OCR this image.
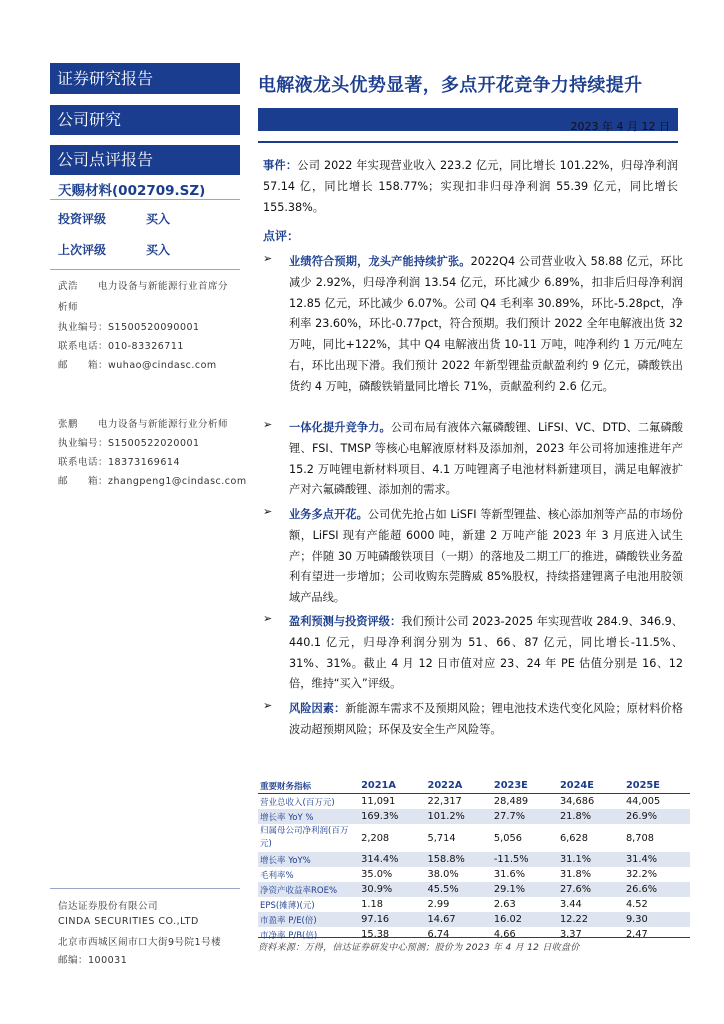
证券研究报告
公司研究
公司点评报告
天赐材料(002709.SZ)
投资评级	买入
上次评级	买入
武浩　　电力设备与新能源行业首席分
析师
执业编号：S1500520090001
联系电话：010-83326711
邮　　箱：wuhao@cindasc.com
张鹏　　电力设备与新能源行业分析师
执业编号：S1500522020001
联系电话：18373169614
邮　　箱：zhangpeng1@cindasc.com
信达证券股份有限公司
CINDA SECURITIES CO.,LTD
北京市西城区闹市口大街9号院1号楼
邮编：100031
电解液龙头优势显著，多点开花竞争力持续提升
2023 年 4 月 12 日
事件：公司 2022 年实现营业收入 223.2 亿元，同比增长 101.22%，归母净利润 57.14 亿，同比增长 158.77%；实现扣非归母净利润 55.39 亿元，同比增长 155.38%。
点评：
➢ 业绩符合预期，龙头产能持续扩张。2022Q4 公司营业收入 58.88 亿元，环比减少 2.92%，归母净利润 13.54 亿元，环比减少 6.89%，扣非后归母净利润 12.85 亿元，环比减少 6.07%。公司 Q4 毛利率 30.89%，环比-5.28pct，净利率 23.60%，环比-0.77pct，符合预期。我们预计 2022 全年电解液出货 32 万吨，同比+122%，其中 Q4 电解液出货 10-11 万吨，吨净利约 1 万元/吨左右，环比出现下滑。我们预计 2022 年新型锂盐贡献盈利约 9 亿元，磷酸铁出货约 4 万吨，磷酸铁销量同比增长 71%，贡献盈利约 2.6 亿元。
➢ 一体化提升竞争力。公司布局有液体六氟磷酸锂、LiFSI、VC、DTD、二氟磷酸锂、FSI、TMSP 等核心电解液原材料及添加剂，2023 年公司将加速推进年产 15.2 万吨锂电新材料项目、4.1 万吨锂离子电池材料新建项目，满足电解液扩产对六氟磷酸锂、添加剂的需求。
➢ 业务多点开花。公司优先抢占如 LiSFI 等新型锂盐、核心添加剂等产品的市场份额，LiFSI 现有产能超 6000 吨，新建 2 万吨产能 2023 年 3 月底进入试生产；伴随 30 万吨磷酸铁项目（一期）的落地及二期工厂的推进，磷酸铁业务盈利有望进一步增加；公司收购东莞腾威 85%股权，持续搭建锂离子电池用胶领域产品线。
➢ 盈利预测与投资评级：我们预计公司 2023-2025 年实现营收 284.9、346.9、440.1 亿元，归母净利润分别为 51、66、87 亿元，同比增长-11.5%、31%、31%。截止 4 月 12 日市值对应 23、24 年 PE 估值分别是 16、12 倍，维持“买入”评级。
➢ 风险因素：新能源车需求不及预期风险；锂电池技术迭代变化风险；原材料价格波动超预期风险；环保及安全生产风险等。
重要财务指标	2021A	2022A	2023E	2024E	2025E
营业总收入(百万元)	11,091	22,317	28,489	34,686	44,005
增长率 YoY %	169.3%	101.2%	27.7%	21.8%	26.9%
归属母公司净利润(百万元)	2,208	5,714	5,056	6,628	8,708
增长率 YoY%	314.4%	158.8%	-11.5%	31.1%	31.4%
毛利率%	35.0%	38.0%	31.6%	31.8%	32.2%
净资产收益率ROE%	30.9%	45.5%	29.1%	27.6%	26.6%
EPS(摊薄)(元)	1.18	2.99	2.63	3.44	4.52
市盈率 P/E(倍)	97.16	14.67	16.02	12.22	9.30
市净率 P/B(倍)	15.38	6.74	4.66	3.37	2.47
资料来源：万得，信达证券研发中心预测；股价为 2023 年 4 月 12 日收盘价
